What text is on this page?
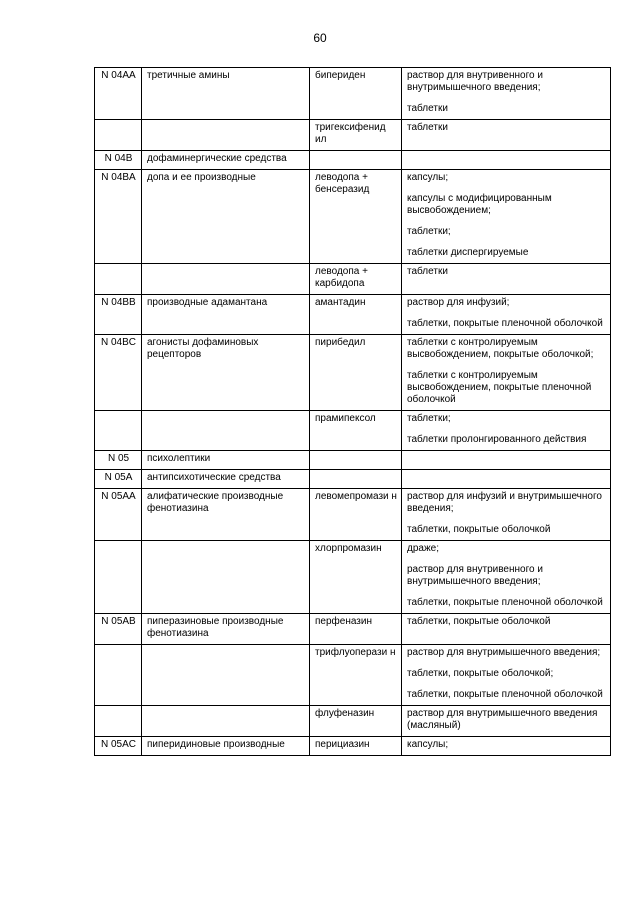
60
N 04AA	третичные амины	бипериден	раствор для внутривенного и внутримышечного введения;
таблетки

		тригексифенид ил	таблетки

N 04B	дофаминергические средства		
N 04BA	допа и ее производные	леводопа + бенсеразид	капсулы;
капсулы с модифицированным высвобождением;
таблетки;
таблетки диспергируемые

		леводопа + карбидопа	таблетки

N 04BB	производные адамантана	амантадин	раствор для инфузий;
таблетки, покрытые пленочной оболочкой

N 04BC	агонисты дофаминовых рецепторов	пирибедил	таблетки с контролируемым высвобождением, покрытые оболочкой;
таблетки с контролируемым высвобождением, покрытые пленочной оболочкой

		прамипексол	таблетки;
таблетки пролонгированного действия

N 05	психолептики		
N 05A	антипсихотические средства		
N 05AA	алифатические производные фенотиазина	левомепромази н	раствор для инфузий и внутримышечного введения;
таблетки, покрытые оболочкой

		хлорпромазин	драже;
раствор для внутривенного и внутримышечного введения;
таблетки, покрытые пленочной оболочкой

N 05AB	пиперазиновые производные фенотиазина	перфеназин	таблетки, покрытые оболочкой

		трифлуоперази н	раствор для внутримышечного введения;
таблетки, покрытые оболочкой;
таблетки, покрытые пленочной оболочкой

		флуфеназин	раствор для внутримышечного введения (масляный)

N 05AC	пиперидиновые производные	перициазин	капсулы;
